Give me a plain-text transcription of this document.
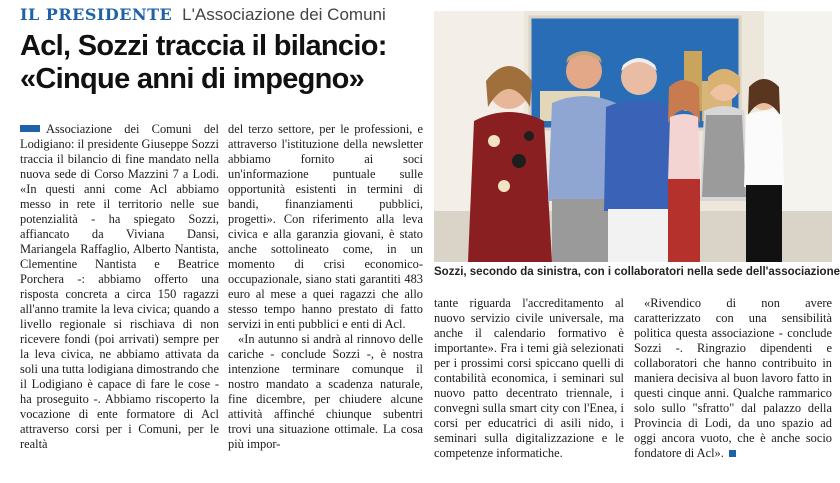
IL PRESIDENTE L'Associazione dei Comuni
Acl, Sozzi traccia il bilancio:
«Cinque anni di impegno»
Sozzi, secondo da sinistra, con i collaboratori nella sede dell'associazione

Associazione dei Comuni del Lodigiano: il presidente Giuseppe Sozzi traccia il bilancio di fine mandato nella nuova sede di Corso Mazzini 7 a Lodi. «In questi anni come Acl abbiamo messo in rete il territorio nelle sue potenzialità - ha spiegato Sozzi, affiancato da Viviana Dansi, Mariangela Raffaglio, Alberto Nantista, Clementine Nantista e Beatrice Porchera -: abbiamo offerto una risposta concreta a circa 150 ragazzi all'anno tramite la leva civica; quando a livello regionale si rischiava di non ricevere fondi (poi arrivati) sempre per la leva civica, ne abbiamo attivata da soli una tutta lodigiana dimostrando che il Lodigiano è capace di fare le cose - ha proseguito -. Abbiamo riscoperto la vocazione di ente formatore di Acl attraverso corsi per i Comuni, per le realtà

del terzo settore, per le professioni, e attraverso l'istituzione della newsletter abbiamo fornito ai soci un'informazione puntuale sulle opportunità esistenti in termini di bandi, finanziamenti pubblici, progetti». Con riferimento alla leva civica e alla garanzia giovani, è stato anche sottolineato come, in un momento di crisi economico-occupazionale, siano stati garantiti 483 euro al mese a quei ragazzi che allo stesso tempo hanno prestato di fatto servizi in enti pubblici e enti di Acl.

«In autunno si andrà al rinnovo delle cariche - conclude Sozzi -, è nostra intenzione terminare comunque il nostro mandato a scadenza naturale, fine dicembre, per chiudere alcune attività affinché chiunque subentri trovi una situazione ottimale. La cosa più impor-

tante riguarda l'accreditamento al nuovo servizio civile universale, ma anche il calendario formativo è importante». Fra i temi già selezionati per i prossimi corsi spiccano quelli di contabilità economica, i seminari sul nuovo patto decentrato triennale, i convegni sulla smart city con l'Enea, i corsi per educatrici di asili nido, i seminari sulla digitalizzazione e le competenze informatiche.

«Rivendico di non avere caratterizzato con una sensibilità politica questa associazione - conclude Sozzi -. Ringrazio dipendenti e collaboratori che hanno contribuito in maniera decisiva al buon lavoro fatto in questi cinque anni. Qualche rammarico solo sullo "sfratto" dal palazzo della Provincia di Lodi, da uno spazio ad oggi ancora vuoto, che è anche socio fondatore di Acl».
